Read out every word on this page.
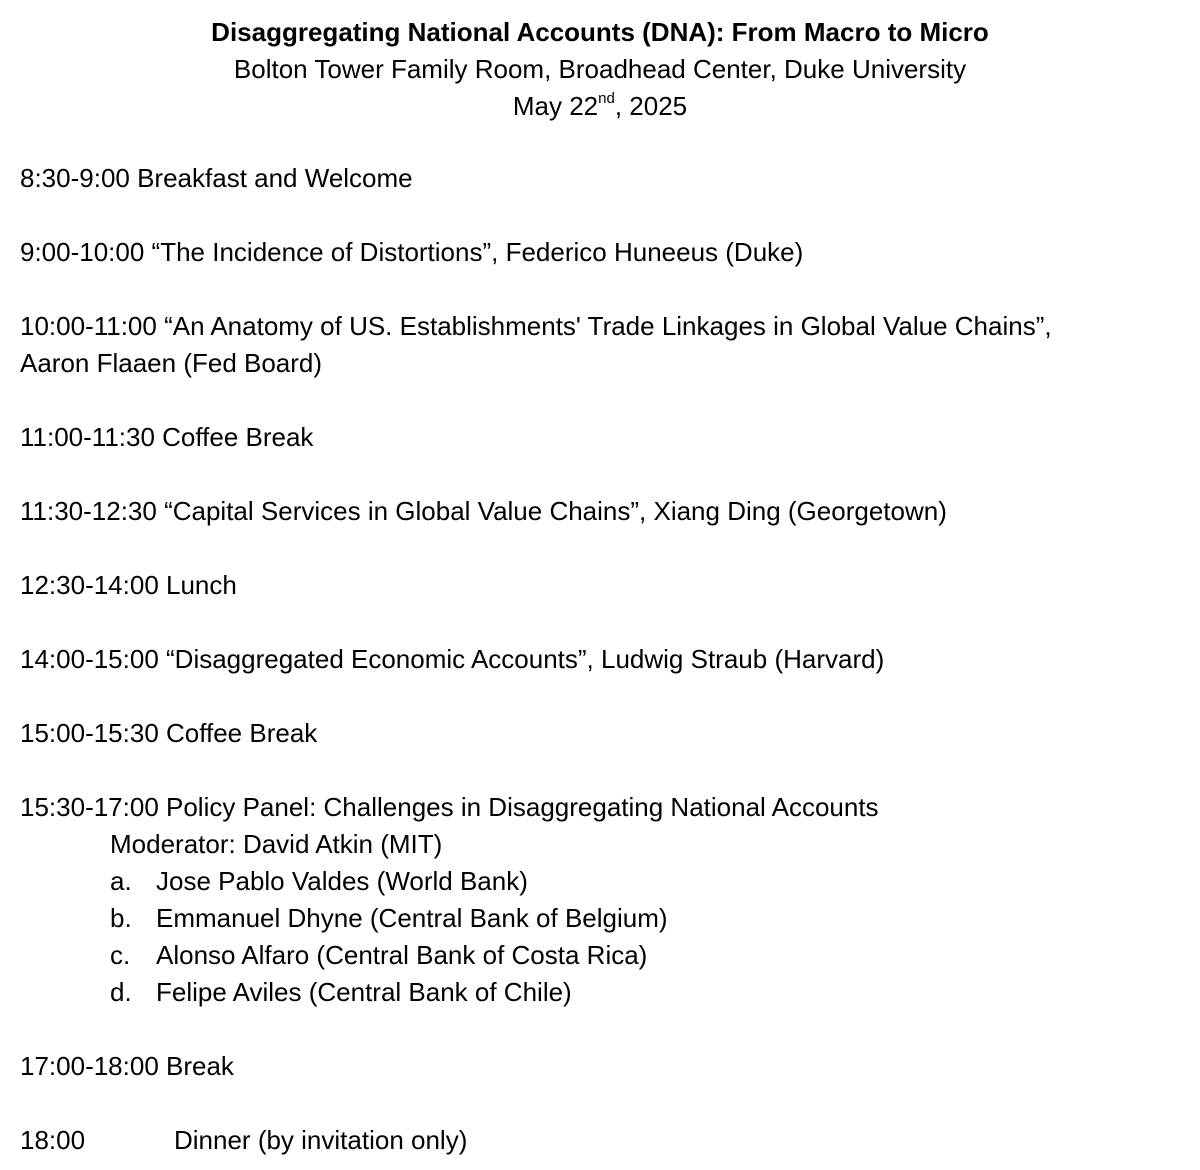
Disaggregating National Accounts (DNA): From Macro to Micro
Bolton Tower Family Room, Broadhead Center, Duke University
May 22nd, 2025
8:30-9:00 Breakfast and Welcome
9:00-10:00 “The Incidence of Distortions”, Federico Huneeus (Duke)
10:00-11:00 “An Anatomy of US. Establishments' Trade Linkages in Global Value Chains”,
Aaron Flaaen (Fed Board)
11:00-11:30 Coffee Break
11:30-12:30 “Capital Services in Global Value Chains”, Xiang Ding (Georgetown)
12:30-14:00 Lunch
14:00-15:00 “Disaggregated Economic Accounts”, Ludwig Straub (Harvard)
15:00-15:30 Coffee Break
15:30-17:00 Policy Panel: Challenges in Disaggregating National Accounts
Moderator: David Atkin (MIT)
a. Jose Pablo Valdes (World Bank)
b. Emmanuel Dhyne (Central Bank of Belgium)
c. Alonso Alfaro (Central Bank of Costa Rica)
d. Felipe Aviles (Central Bank of Chile)
17:00-18:00 Break
18:00	Dinner (by invitation only)
